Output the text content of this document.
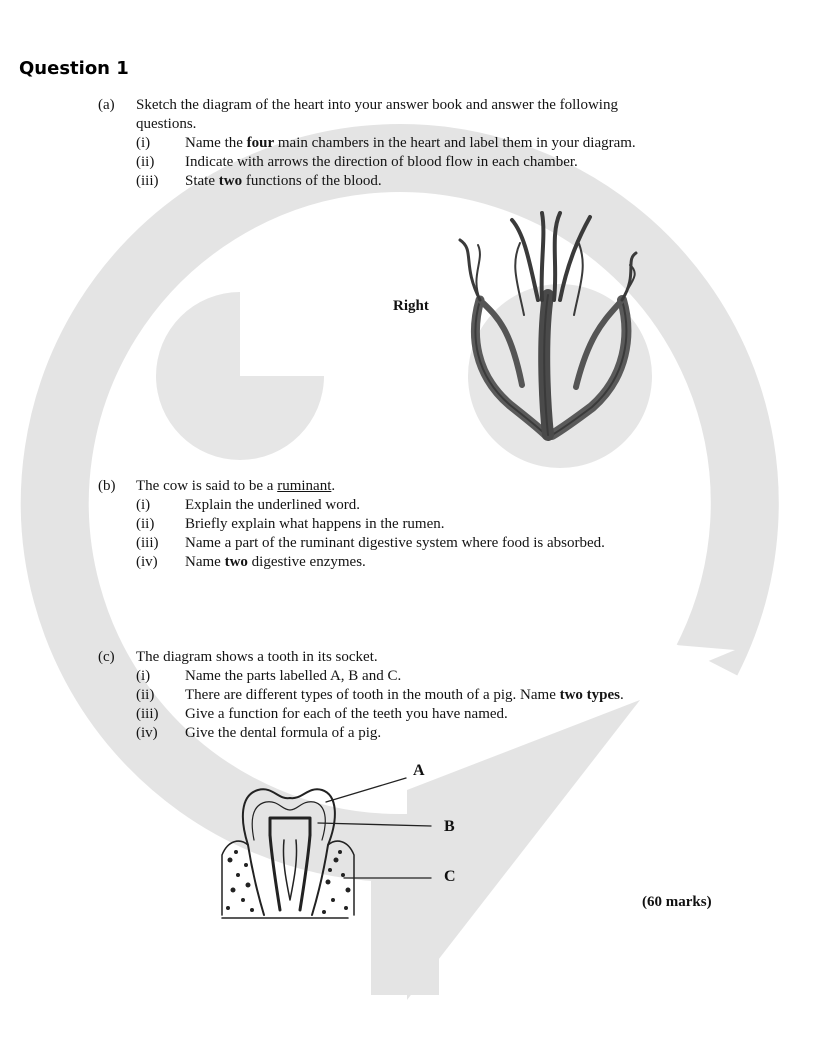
Question 1
(a) Sketch the diagram of the heart into your answer book and answer the following
questions.
(i) Name the four main chambers in the heart and label them in your diagram.
(ii) Indicate with arrows the direction of blood flow in each chamber.
(iii) State two functions of the blood.
Right
(b) The cow is said to be a ruminant.
(i) Explain the underlined word.
(ii) Briefly explain what happens in the rumen.
(iii) Name a part of the ruminant digestive system where food is absorbed.
(iv) Name two digestive enzymes.
(c) The diagram shows a tooth in its socket.
(i) Name the parts labelled A, B and C.
(ii) There are different types of tooth in the mouth of a pig. Name two types.
(iii) Give a function for each of the teeth you have named.
(iv) Give the dental formula of a pig.
A
B
C
(60 marks)
